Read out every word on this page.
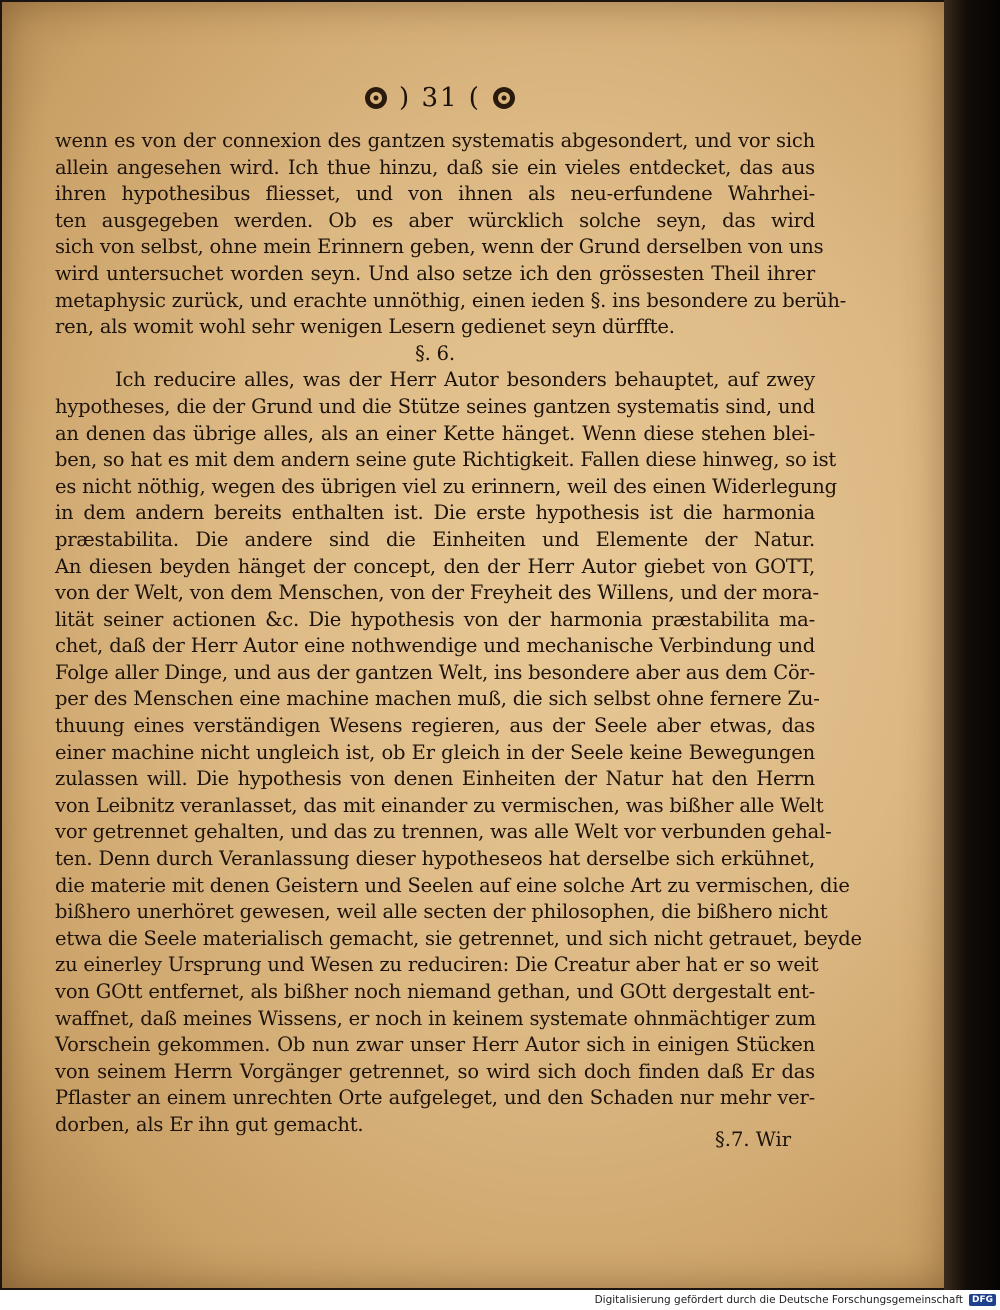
) 31 (
wenn es von der connexion des gantzen systematis abgesondert, und vor sich
allein angesehen wird. Ich thue hinzu, daß sie ein vieles entdecket, das aus
ihren hypothesibus fliesset, und von ihnen als neu-erfundene Wahrhei-
ten ausgegeben werden. Ob es aber würcklich solche seyn, das wird
sich von selbst, ohne mein Erinnern geben, wenn der Grund derselben von uns
wird untersuchet worden seyn. Und also setze ich den grössesten Theil ihrer
metaphysic zurück, und erachte unnöthig, einen ieden §. ins besondere zu berüh-
ren, als womit wohl sehr wenigen Lesern gedienet seyn dürffte.
§. 6.
Ich reducire alles, was der Herr Autor besonders behauptet, auf zwey
hypotheses, die der Grund und die Stütze seines gantzen systematis sind, und
an denen das übrige alles, als an einer Kette hänget. Wenn diese stehen blei-
ben, so hat es mit dem andern seine gute Richtigkeit. Fallen diese hinweg, so ist
es nicht nöthig, wegen des übrigen viel zu erinnern, weil des einen Widerlegung
in dem andern bereits enthalten ist. Die erste hypothesis ist die harmonia
præstabilita. Die andere sind die Einheiten und Elemente der Natur.
An diesen beyden hänget der concept, den der Herr Autor giebet von GOTT,
von der Welt, von dem Menschen, von der Freyheit des Willens, und der mora-
lität seiner actionen &c. Die hypothesis von der harmonia præstabilita ma-
chet, daß der Herr Autor eine nothwendige und mechanische Verbindung und
Folge aller Dinge, und aus der gantzen Welt, ins besondere aber aus dem Cör-
per des Menschen eine machine machen muß, die sich selbst ohne fernere Zu-
thuung eines verständigen Wesens regieren, aus der Seele aber etwas, das
einer machine nicht ungleich ist, ob Er gleich in der Seele keine Bewegungen
zulassen will. Die hypothesis von denen Einheiten der Natur hat den Herrn
von Leibnitz veranlasset, das mit einander zu vermischen, was bißher alle Welt
vor getrennet gehalten, und das zu trennen, was alle Welt vor verbunden gehal-
ten. Denn durch Veranlassung dieser hypotheseos hat derselbe sich erkühnet,
die materie mit denen Geistern und Seelen auf eine solche Art zu vermischen, die
bißhero unerhöret gewesen, weil alle secten der philosophen, die bißhero nicht
etwa die Seele materialisch gemacht, sie getrennet, und sich nicht getrauet, beyde
zu einerley Ursprung und Wesen zu reduciren: Die Creatur aber hat er so weit
von GOtt entfernet, als bißher noch niemand gethan, und GOtt dergestalt ent-
waffnet, daß meines Wissens, er noch in keinem systemate ohnmächtiger zum
Vorschein gekommen. Ob nun zwar unser Herr Autor sich in einigen Stücken
von seinem Herrn Vorgänger getrennet, so wird sich doch finden daß Er das
Pflaster an einem unrechten Orte aufgeleget, und den Schaden nur mehr ver-
dorben, als Er ihn gut gemacht.
§.7. Wir
Digitalisierung gefördert durch die Deutsche Forschungsgemeinschaft	DFG
